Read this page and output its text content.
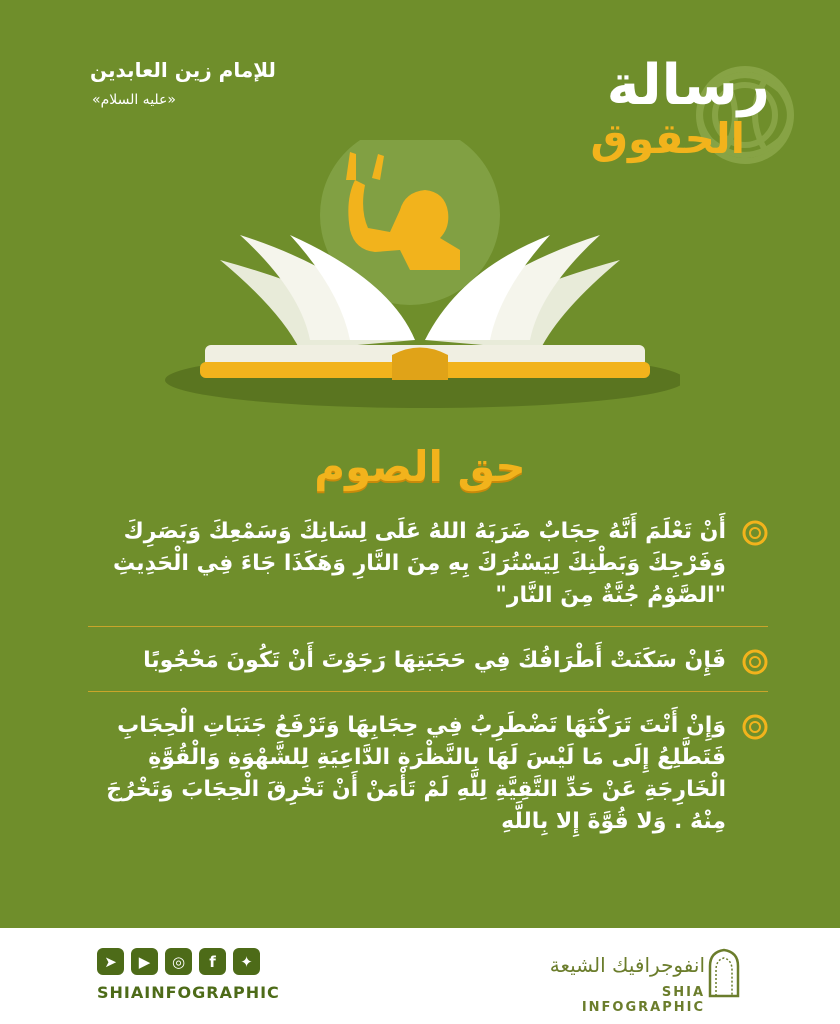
رسالة
الحقوق
للإمام زين العابدين
«عليه السلام»
حق الصوم
أَنْ تَعْلَمَ أَنَّهُ حِجَابٌ ضَرَبَهُ اللهُ عَلَى لِسَانِكَ وَسَمْعِكَ وَبَصَرِكَ وَفَرْجِكَ وَبَطْنِكَ لِيَسْتُرَكَ بِهِ مِنَ النَّارِ وَهَكَذَا جَاءَ فِي الْحَدِيثِ "الصَّوْمُ جُنَّةٌ مِنَ النَّار"
فَإِنْ سَكَنَتْ أَطْرَافُكَ فِي حَجَبَتِهَا رَجَوْتَ أَنْ تَكُونَ مَحْجُوبًا
وَإِنْ أَنْتَ تَرَكْتَهَا تَضْطَرِبُ فِي حِجَابِهَا وَتَرْفَعُ جَنَبَاتِ الْحِجَابِ فَتَطَّلِعُ إِلَى مَا لَيْسَ لَهَا بِالنَّظْرَةِ الدَّاعِيَةِ لِلشَّهْوَةِ وَالْقُوَّةِ الْخَارِجَةِ عَنْ حَدِّ التَّقِيَّةِ لِلَّهِ لَمْ تَأْمَنْ أَنْ تَخْرِقَ الْحِجَابَ وَتَخْرُجَ مِنْهُ . وَلا قُوَّةَ إِلا بِاللَّهِ
➤	▶	◎	f	✦
SHIAINFOGRAPHIC
انفوجرافيك الشيعة
SHIA INFOGRAPHIC
